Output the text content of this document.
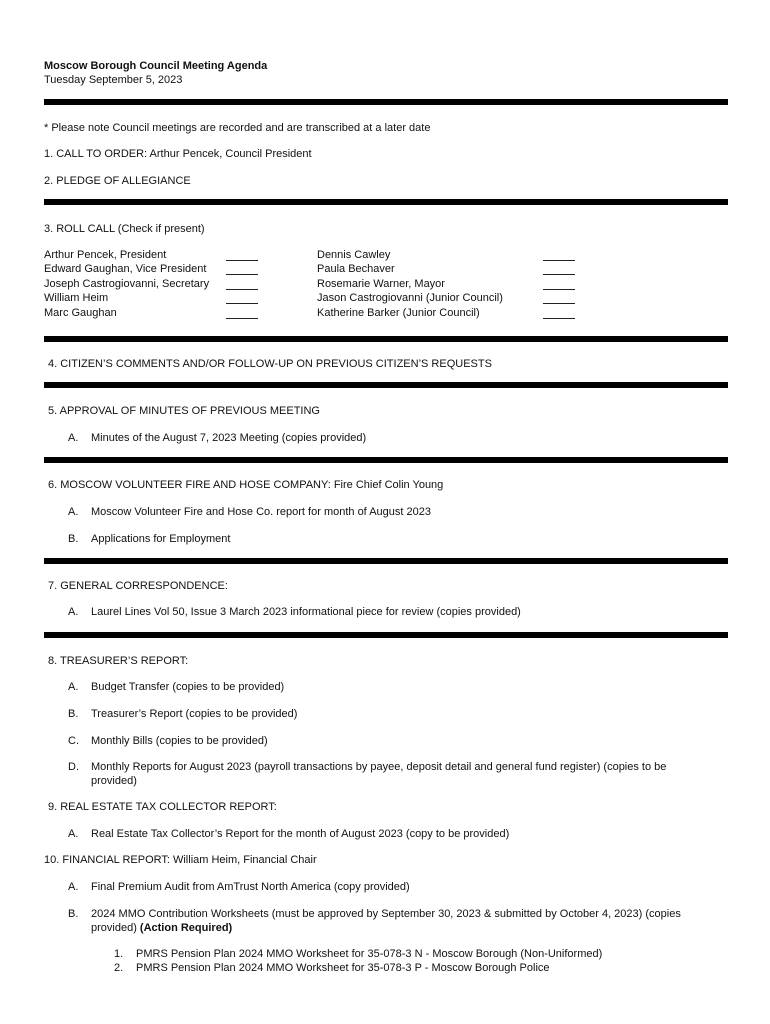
Moscow Borough Council Meeting Agenda
Tuesday September 5, 2023
* Please note Council meetings are recorded and are transcribed at a later date
1. CALL TO ORDER: Arthur Pencek, Council President
2. PLEDGE OF ALLEGIANCE
3. ROLL CALL (Check if present)
Arthur Pencek, President
Edward Gaughan, Vice President
Joseph Castrogiovanni, Secretary
William Heim
Marc Gaughan
Dennis Cawley
Paula Bechaver
Rosemarie Warner, Mayor
Jason Castrogiovanni (Junior Council)
Katherine Barker (Junior Council)
4. CITIZEN’S COMMENTS AND/OR FOLLOW-UP ON PREVIOUS CITIZEN’S REQUESTS
5. APPROVAL OF MINUTES OF PREVIOUS MEETING
A. Minutes of the August 7, 2023 Meeting (copies provided)
6. MOSCOW VOLUNTEER FIRE AND HOSE COMPANY: Fire Chief Colin Young
A. Moscow Volunteer Fire and Hose Co. report for month of August 2023
B. Applications for Employment
7. GENERAL CORRESPONDENCE:
A. Laurel Lines Vol 50, Issue 3 March 2023 informational piece for review (copies provided)
8. TREASURER’S REPORT:
A. Budget Transfer (copies to be provided)
B. Treasurer’s Report (copies to be provided)
C. Monthly Bills (copies to be provided)
D. Monthly Reports for August 2023 (payroll transactions by payee, deposit detail and general fund register) (copies to be
provided)
9. REAL ESTATE TAX COLLECTOR REPORT:
A. Real Estate Tax Collector’s Report for the month of August 2023 (copy to be provided)
10. FINANCIAL REPORT: William Heim, Financial Chair
A. Final Premium Audit from AmTrust North America (copy provided)
B. 2024 MMO Contribution Worksheets (must be approved by September 30, 2023 & submitted by October 4, 2023) (copies
provided) (Action Required)
1. PMRS Pension Plan 2024 MMO Worksheet for 35-078-3 N - Moscow Borough (Non-Uniformed)
2. PMRS Pension Plan 2024 MMO Worksheet for 35-078-3 P - Moscow Borough Police
